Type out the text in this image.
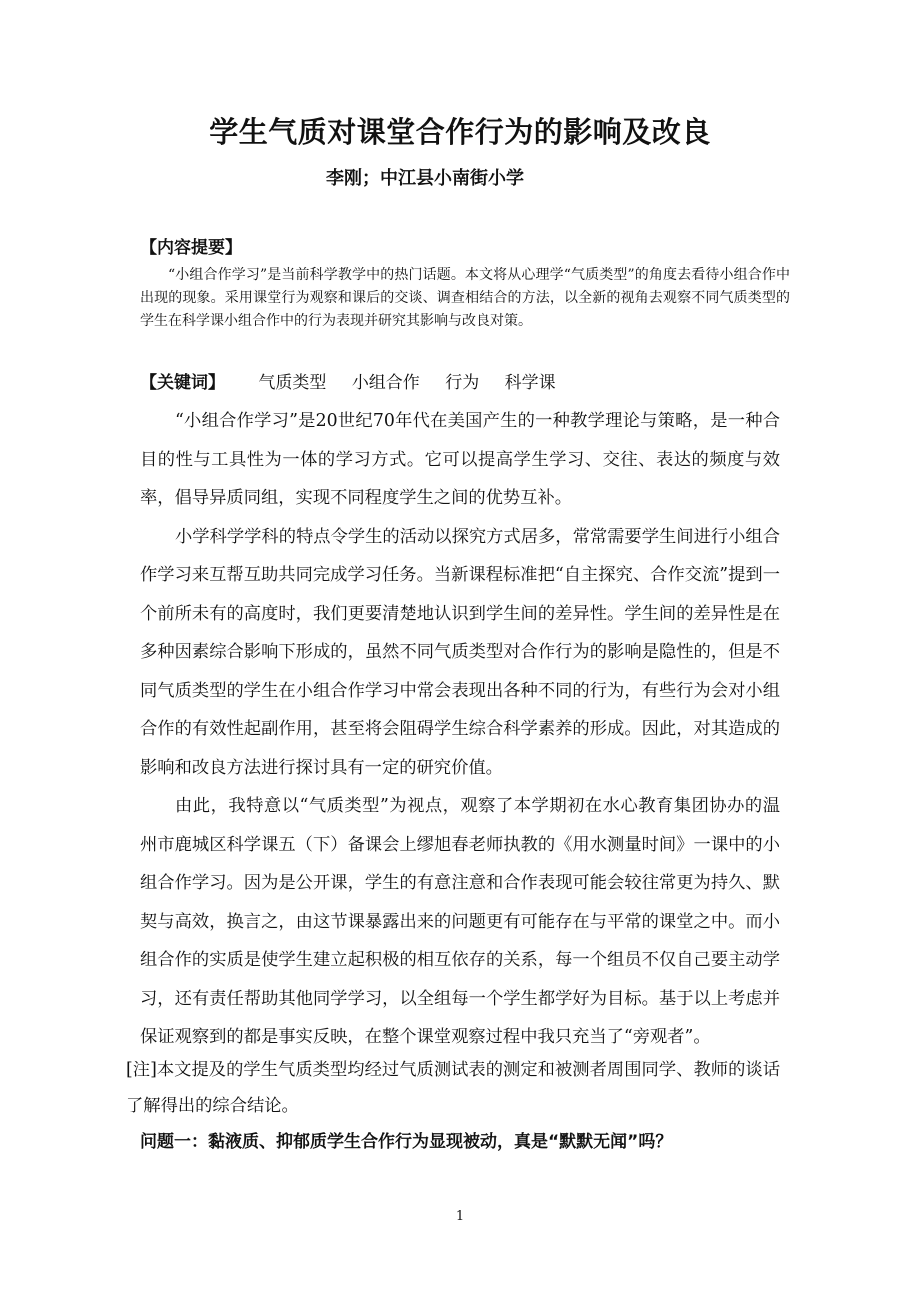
学生气质对课堂合作行为的影响及改良
李刚；中江县小南街小学
【内容提要】
“小组合作学习”是当前科学教学中的热门话题。本文将从心理学“气质类型”的角度去看待小组合作中出现的现象。采用课堂行为观察和课后的交谈、调查相结合的方法，以全新的视角去观察不同气质类型的学生在科学课小组合作中的行为表现并研究其影响与改良对策。
【关键词】 气质类型 小组合作 行为 科学课

“小组合作学习”是20世纪70年代在美国产生的一种教学理论与策略，是一种合目的性与工具性为一体的学习方式。它可以提高学生学习、交往、表达的频度与效率，倡导异质同组，实现不同程度学生之间的优势互补。

小学科学学科的特点令学生的活动以探究方式居多，常常需要学生间进行小组合作学习来互帮互助共同完成学习任务。当新课程标准把“自主探究、合作交流”提到一个前所未有的高度时，我们更要清楚地认识到学生间的差异性。学生间的差异性是在多种因素综合影响下形成的，虽然不同气质类型对合作行为的影响是隐性的，但是不同气质类型的学生在小组合作学习中常会表现出各种不同的行为，有些行为会对小组合作的有效性起副作用，甚至将会阻碍学生综合科学素养的形成。因此，对其造成的影响和改良方法进行探讨具有一定的研究价值。

由此，我特意以“气质类型”为视点，观察了本学期初在水心教育集团协办的温州市鹿城区科学课五（下）备课会上缪旭春老师执教的《用水测量时间》一课中的小组合作学习。因为是公开课，学生的有意注意和合作表现可能会较往常更为持久、默契与高效，换言之，由这节课暴露出来的问题更有可能存在与平常的课堂之中。而小组合作的实质是使学生建立起积极的相互依存的关系，每一个组员不仅自己要主动学习，还有责任帮助其他同学学习，以全组每一个学生都学好为目标。基于以上考虑并保证观察到的都是事实反映，在整个课堂观察过程中我只充当了“旁观者”。

[注]本文提及的学生气质类型均经过气质测试表的测定和被测者周围同学、教师的谈话了解得出的综合结论。
问题一：黏液质、抑郁质学生合作行为显现被动，真是“默默无闻”吗？
1
